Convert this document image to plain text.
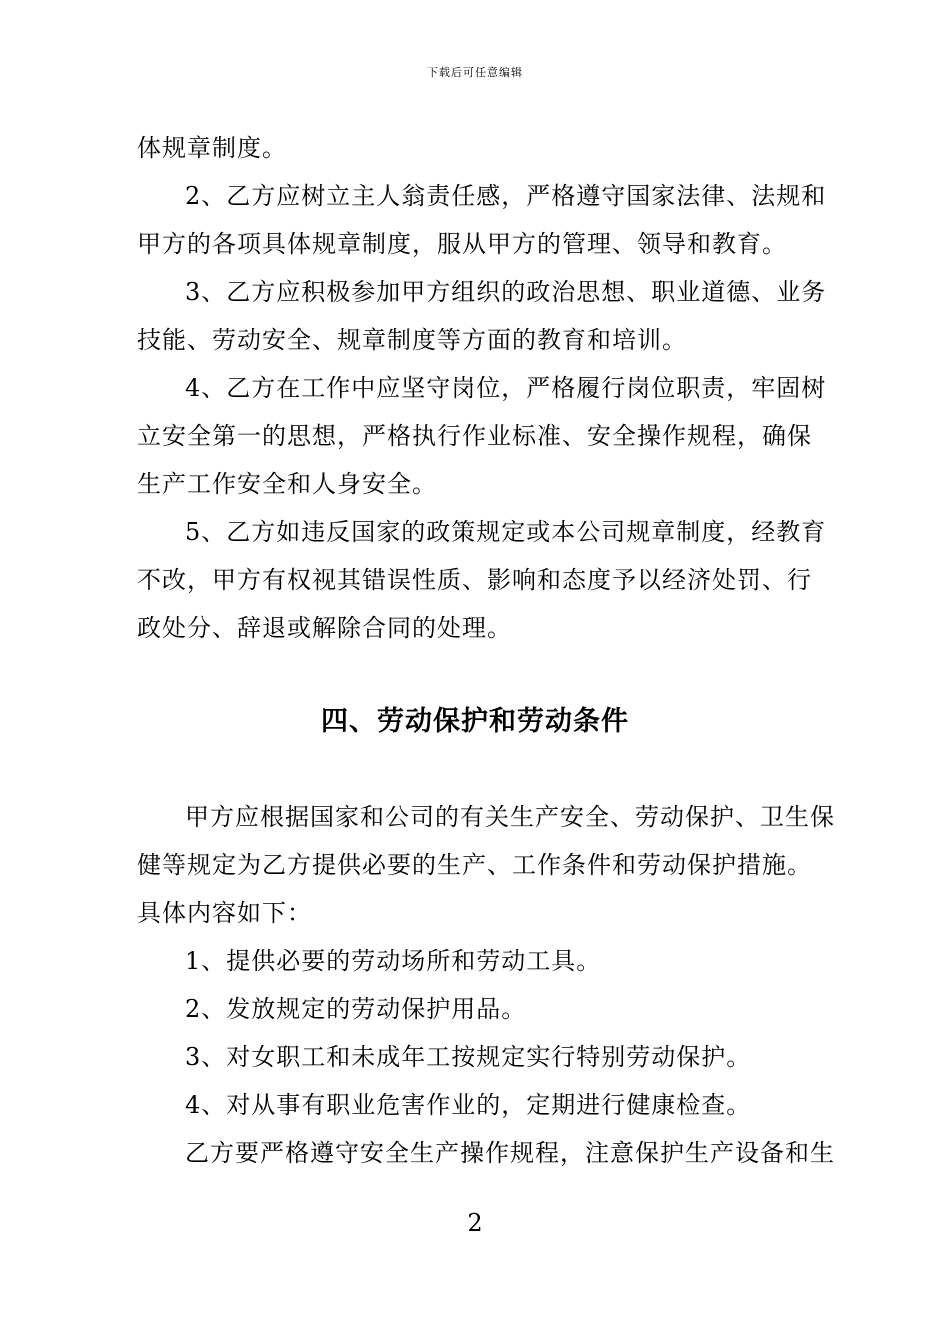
下载后可任意编辑
体规章制度。
2、乙方应树立主人翁责任感，严格遵守国家法律、法规和
甲方的各项具体规章制度，服从甲方的管理、领导和教育。
3、乙方应积极参加甲方组织的政治思想、职业道德、业务
技能、劳动安全、规章制度等方面的教育和培训。
4、乙方在工作中应坚守岗位，严格履行岗位职责，牢固树
立安全第一的思想，严格执行作业标准、安全操作规程，确保
生产工作安全和人身安全。
5、乙方如违反国家的政策规定或本公司规章制度，经教育
不改，甲方有权视其错误性质、影响和态度予以经济处罚、行
政处分、辞退或解除合同的处理。
四、劳动保护和劳动条件
甲方应根据国家和公司的有关生产安全、劳动保护、卫生保
健等规定为乙方提供必要的生产、工作条件和劳动保护措施。
具体内容如下：
1、提供必要的劳动场所和劳动工具。
2、发放规定的劳动保护用品。
3、对女职工和未成年工按规定实行特别劳动保护。
4、对从事有职业危害作业的，定期进行健康检查。
乙方要严格遵守安全生产操作规程，注意保护生产设备和生
2
